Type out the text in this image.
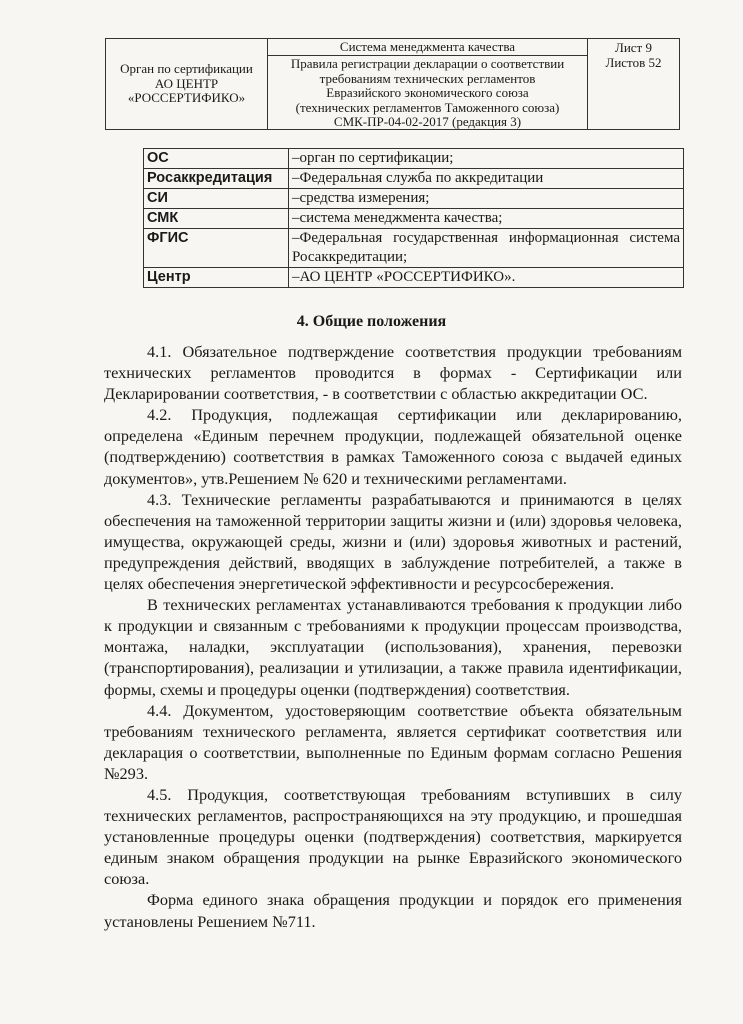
Орган по сертификации
АО ЦЕНТР
«РОССЕРТИФИКО»
Система менеджмента качества
Правила регистрации декларации о соответствии
требованиям технических регламентов
Евразийского экономического союза
(технических регламентов Таможенного союза)
СМК-ПР-04-02-2017 (редакция 3)
Лист 9
Листов 52
ОС	–орган по сертификации;
Росаккредитация	–Федеральная служба по аккредитации
СИ	–средства измерения;
СМК	–система менеджмента качества;
ФГИС	–Федеральная государственная информационная система Росаккредитации;
Центр	–АО ЦЕНТР «РОССЕРТИФИКО».
4. Общие положения

4.1. Обязательное подтверждение соответствия продукции требованиям технических регламентов проводится в формах - Сертификации или Декларировании соответствия, - в соответствии с областью аккредитации ОС.

4.2. Продукция, подлежащая сертификации или декларированию, определена «Единым перечнем продукции, подлежащей обязательной оценке (подтверждению) соответствия в рамках Таможенного союза с выдачей единых документов», утв.Решением № 620 и техническими регламентами.

4.3. Технические регламенты разрабатываются и принимаются в целях обеспечения на таможенной территории защиты жизни и (или) здоровья человека, имущества, окружающей среды, жизни и (или) здоровья животных и растений, предупреждения действий, вводящих в заблуждение потребителей, а также в целях обеспечения энергетической эффективности и ресурсосбережения.

В технических регламентах устанавливаются требования к продукции либо к продукции и связанным с требованиями к продукции процессам производства, монтажа, наладки, эксплуатации (использования), хранения, перевозки (транспортирования), реализации и утилизации, а также правила идентификации, формы, схемы и процедуры оценки (подтверждения) соответствия.

4.4. Документом, удостоверяющим соответствие объекта обязательным требованиям технического регламента, является сертификат соответствия или декларация о соответствии, выполненные по Единым формам согласно Решения №293.

4.5. Продукция, соответствующая требованиям вступивших в силу технических регламентов, распространяющихся на эту продукцию, и прошедшая установленные процедуры оценки (подтверждения) соответствия, маркируется единым знаком обращения продукции на рынке Евразийского экономического союза.

Форма единого знака обращения продукции и порядок его применения установлены Решением №711.
